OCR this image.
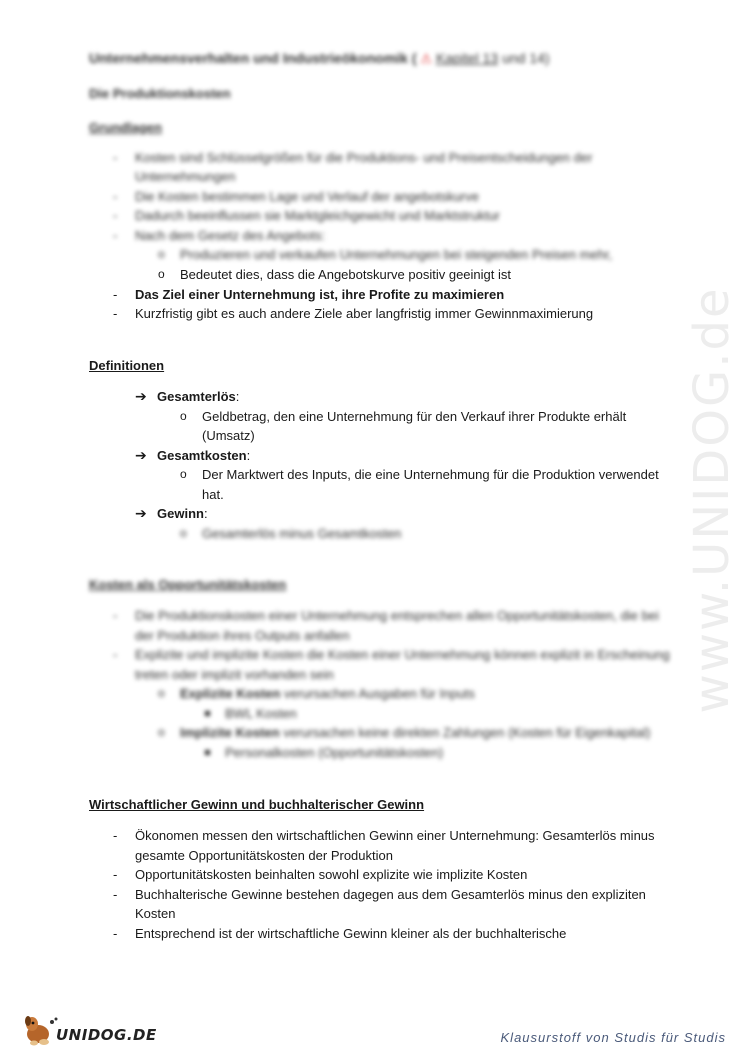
www.UNIDOG.de
Unternehmensverhalten und Industrieökonomik ( ⚠ Kapitel 13 und 14)
Die Produktionskosten
Grundlagen
- Kosten sind Schlüsselgrößen für die Produktions- und Preisentscheidungen der
Unternehmungen
- Die Kosten bestimmen Lage und Verlauf der angebotskurve
- Dadurch beeinflussen sie Marktgleichgewicht und Marktstruktur
- Nach dem Gesetz des Angebots:
o Produzieren und verkaufen Unternehmungen bei steigenden Preisen mehr,
o Bedeutet dies, dass die Angebotskurve positiv geeinigt ist
- Das Ziel einer Unternehmung ist, ihre Profite zu maximieren
- Kurzfristig gibt es auch andere Ziele aber langfristig immer Gewinnmaximierung
Definitionen
➔ Gesamterlös:
o Geldbetrag, den eine Unternehmung für den Verkauf ihrer Produkte erhält
(Umsatz)
➔ Gesamtkosten:
o Der Marktwert des Inputs, die eine Unternehmung für die Produktion verwendet
hat.
➔ Gewinn:
o Gesamterlös minus Gesamtkosten
Kosten als Opportunitätskosten
- Die Produktionskosten einer Unternehmung entsprechen allen Opportunitätskosten, die bei
der Produktion ihres Outputs anfallen
- Explizite und implizite Kosten die Kosten einer Unternehmung können explizit in Erscheinung
treten oder implizit vorhanden sein
o Explizite Kosten verursachen Ausgaben für Inputs
BWL Kosten
o Implizite Kosten verursachen keine direkten Zahlungen (Kosten für Eigenkapital)
Personalkosten (Opportunitätskosten)
Wirtschaftlicher Gewinn und buchhalterischer Gewinn
- Ökonomen messen den wirtschaftlichen Gewinn einer Unternehmung: Gesamterlös minus
gesamte Opportunitätskosten der Produktion
- Opportunitätskosten beinhalten sowohl explizite wie implizite Kosten
- Buchhalterische Gewinne bestehen dagegen aus dem Gesamterlös minus den expliziten
Kosten
- Entsprechend ist der wirtschaftliche Gewinn kleiner als der buchhalterische
UNIDOG.DE	Klausurstoff von Studis für Studis
